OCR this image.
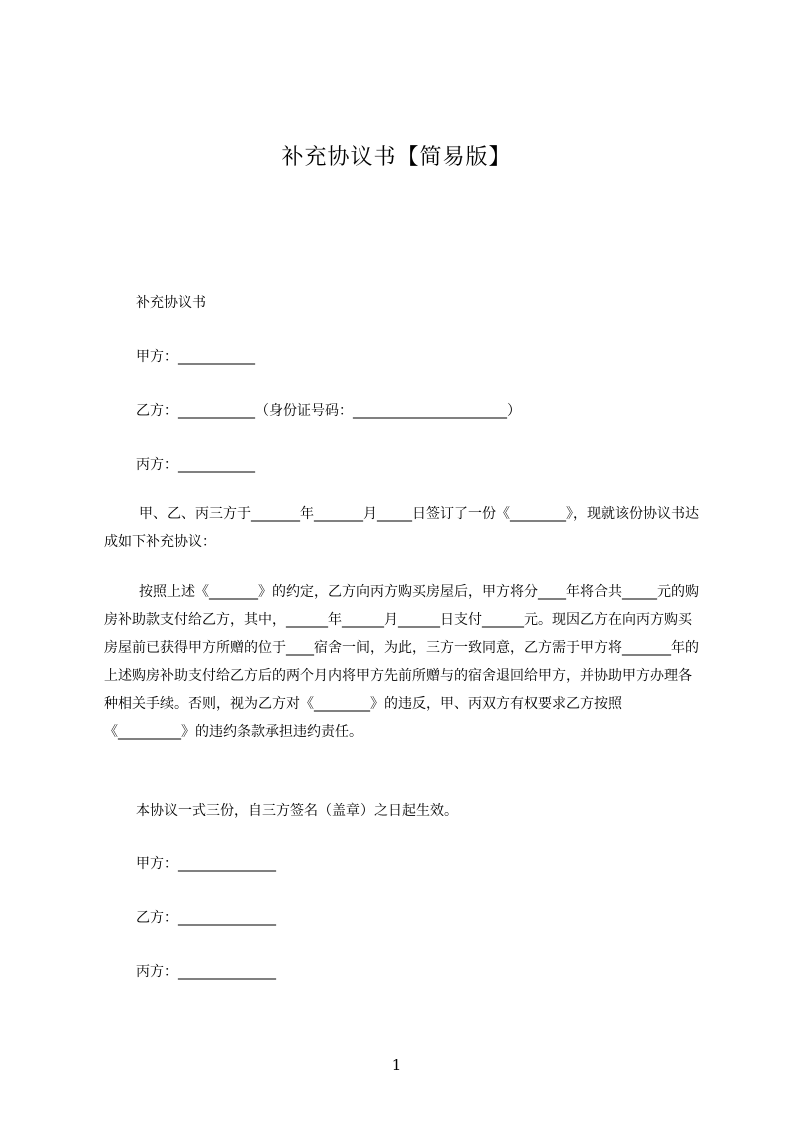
补充协议书【简易版】
补充协议书
甲方：___________
乙方：___________（身份证号码：______________________）
丙方：___________
甲、乙、丙三方于_______年_______月_____日签订了一份《________》，现就该份协议书达成如下补充协议：
按照上述《_______》的约定，乙方向丙方购买房屋后，甲方将分____年将合共_____元的购房补助款支付给乙方，其中，______年______月______日支付______元。现因乙方在向丙方购买房屋前已获得甲方所赠的位于____宿舍一间，为此，三方一致同意，乙方需于甲方将_______年的上述购房补助支付给乙方后的两个月内将甲方先前所赠与的宿舍退回给甲方，并协助甲方办理各种相关手续。否则，视为乙方对《________》的违反，甲、丙双方有权要求乙方按照《_________》的违约条款承担违约责任。
本协议一式三份，自三方签名（盖章）之日起生效。
甲方：______________
乙方：______________
丙方：______________
1
